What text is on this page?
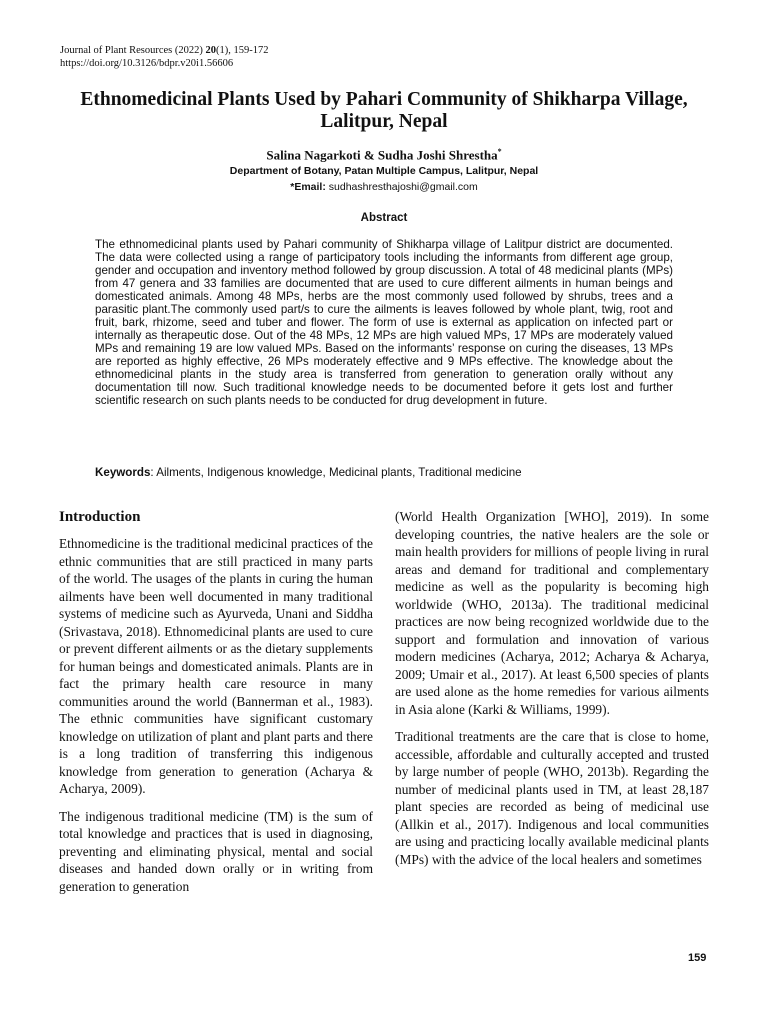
Journal of Plant Resources (2022) 20(1), 159-172
https://doi.org/10.3126/bdpr.v20i1.56606
Ethnomedicinal Plants Used by Pahari Community of Shikharpa Village, Lalitpur, Nepal
Salina Nagarkoti & Sudha Joshi Shrestha*
Department of Botany, Patan Multiple Campus, Lalitpur, Nepal
*Email: sudhashresthajoshi@gmail.com
Abstract

The ethnomedicinal plants used by Pahari community of Shikharpa village of Lalitpur district are documented. The data were collected using a range of participatory tools including the informants from different age group, gender and occupation and inventory method followed by group discussion. A total of 48 medicinal plants (MPs) from 47 genera and 33 families are documented that are used to cure different ailments in human beings and domesticated animals. Among 48 MPs, herbs are the most commonly used followed by shrubs, trees and a parasitic plant.The commonly used part/s to cure the ailments is leaves followed by whole plant, twig, root and fruit, bark, rhizome, seed and tuber and flower. The form of use is external as application on infected part or internally as therapeutic dose. Out of the 48 MPs, 12 MPs are high valued MPs, 17 MPs are moderately valued MPs and remaining 19 are low valued MPs. Based on the informants’ response on curing the diseases, 13 MPs are reported as highly effective, 26 MPs moderately effective and 9 MPs effective. The knowledge about the ethnomedicinal plants in the study area is transferred from generation to generation orally without any documentation till now. Such traditional knowledge needs to be documented before it gets lost and further scientific research on such plants needs to be conducted for drug development in future.

Keywords: Ailments, Indigenous knowledge, Medicinal plants, Traditional medicine
Introduction

Ethnomedicine is the traditional medicinal practices of the ethnic communities that are still practiced in many parts of the world. The usages of the plants in curing the human ailments have been well documented in many traditional systems of medicine such as Ayurveda, Unani and Siddha (Srivastava, 2018). Ethnomedicinal plants are used to cure or prevent different ailments or as the dietary supplements for human beings and domesticated animals. Plants are in fact the primary health care resource in many communities around the world (Bannerman et al., 1983). The ethnic communities have significant customary knowledge on utilization of plant and plant parts and there is a long tradition of transferring this indigenous knowledge from generation to generation (Acharya & Acharya, 2009).

The indigenous traditional medicine (TM) is the sum of total knowledge and practices that is used in diagnosing, preventing and eliminating physical, mental and social diseases and handed down orally or in writing from generation to generation

(World Health Organization [WHO], 2019). In some developing countries, the native healers are the sole or main health providers for millions of people living in rural areas and demand for traditional and complementary medicine as well as the popularity is becoming high worldwide (WHO, 2013a). The traditional medicinal practices are now being recognized worldwide due to the support and formulation and innovation of various modern medicines (Acharya, 2012; Acharya & Acharya, 2009; Umair et al., 2017). At least 6,500 species of plants are used alone as the home remedies for various ailments in Asia alone (Karki & Williams, 1999).

Traditional treatments are the care that is close to home, accessible, affordable and culturally accepted and trusted by large number of people (WHO, 2013b). Regarding the number of medicinal plants used in TM, at least 28,187 plant species are recorded as being of medicinal use (Allkin et al., 2017). Indigenous and local communities are using and practicing locally available medicinal plants (MPs) with the advice of the local healers and sometimes

159
